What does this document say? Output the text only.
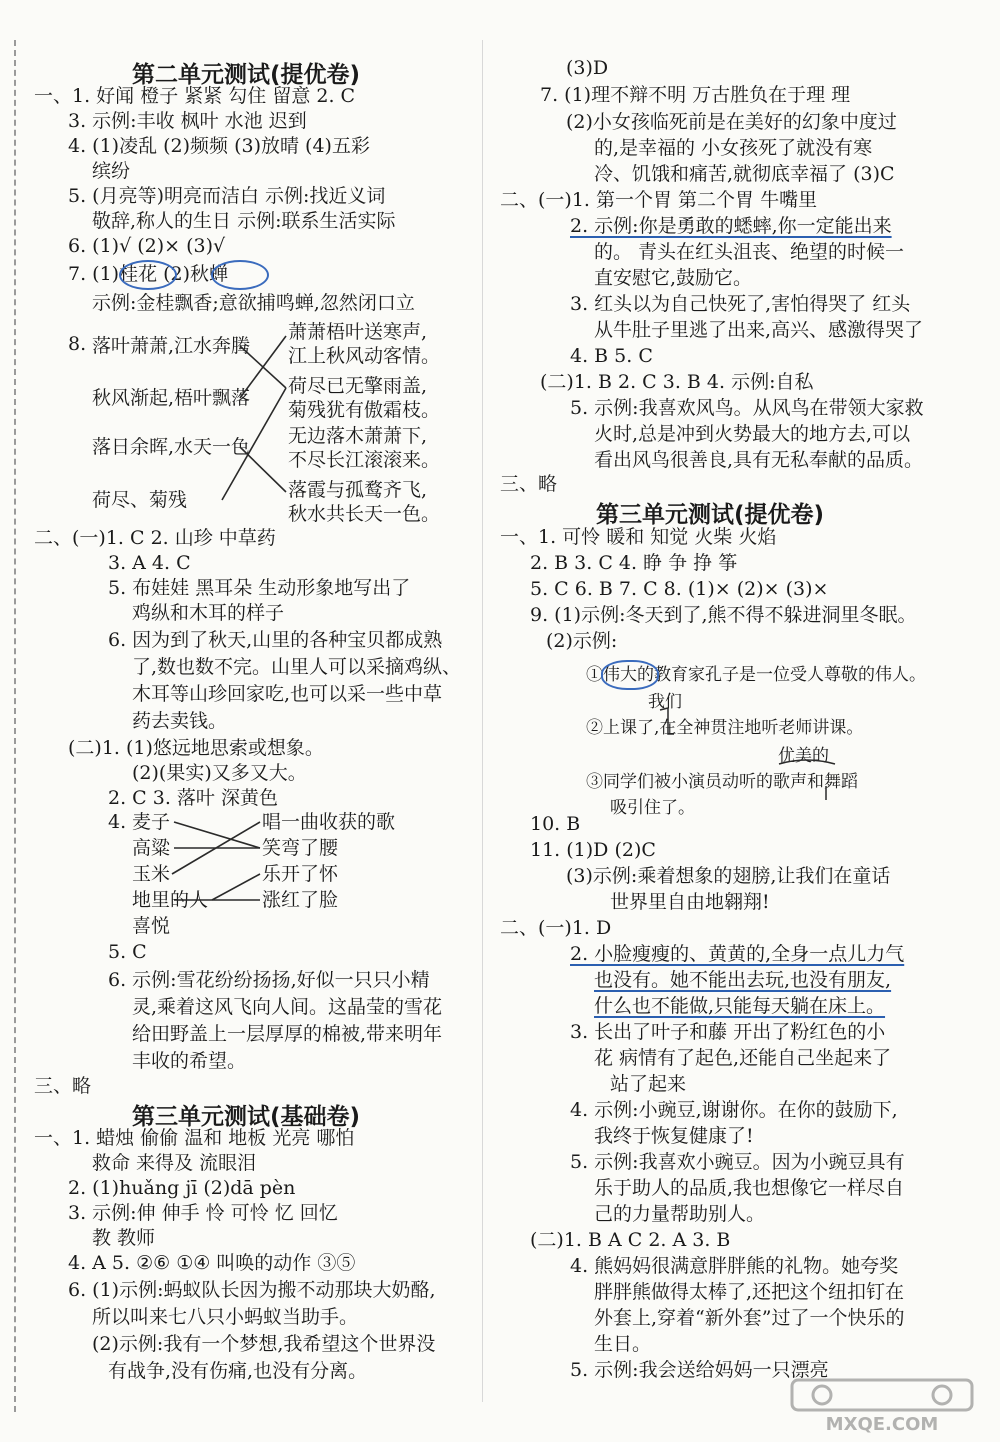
第二单元测试(提优卷)
一、1. 好闻 橙子 紧紧 勾住 留意 2. C
3. 示例:丰收 枫叶 水池 迟到
4. (1)凌乱 (2)频频 (3)放晴 (4)五彩
缤纷
5. (月亮等)明亮而洁白 示例:找近义词
敬辞,称人的生日 示例:联系生活实际
6. (1)√ (2)× (3)√
7. (1)桂花 (2)秋蝉
示例:金桂飘香;意欲捕鸣蝉,忽然闭口立
8. 落叶萧萧,江水奔腾
秋风渐起,梧叶飘落
落日余晖,水天一色
荷尽、菊残
萧萧梧叶送寒声,
江上秋风动客情。
荷尽已无擎雨盖,
菊残犹有傲霜枝。
无边落木萧萧下,
不尽长江滚滚来。
落霞与孤鹜齐飞,
秋水共长天一色。
二、(一)1. C 2. 山珍 中草药
3. A 4. C
5. 布娃娃 黑耳朵 生动形象地写出了
鸡纵和木耳的样子
6. 因为到了秋天,山里的各种宝贝都成熟
了,数也数不完。山里人可以采摘鸡纵、
木耳等山珍回家吃,也可以采一些中草
药去卖钱。
(二)1. (1)悠远地思索或想象。
(2)(果实)又多又大。
2. C 3. 落叶 深黄色
4. 麦子
高粱
玉米
地里的人
喜悦
唱一曲收获的歌
笑弯了腰
乐开了怀
涨红了脸
5. C
6. 示例:雪花纷纷扬扬,好似一只只小精
灵,乘着这风飞向人间。这晶莹的雪花
给田野盖上一层厚厚的棉被,带来明年
丰收的希望。
三、略
第三单元测试(基础卷)
一、1. 蜡烛 偷偷 温和 地板 光亮 哪怕
救命 来得及 流眼泪
2. (1)huǎng jī (2)dā pèn
3. 示例:伸 伸手 怜 可怜 忆 回忆
教 教师
4. A 5. ②⑥ ①④ 叫唤的动作 ③⑤
6. (1)示例:蚂蚁队长因为搬不动那块大奶酪,
所以叫来七八只小蚂蚁当助手。
(2)示例:我有一个梦想,我希望这个世界没
有战争,没有伤痛,也没有分离。
(3)D
7. (1)理不辩不明 万古胜负在于理 理
(2)小女孩临死前是在美好的幻象中度过
的,是幸福的 小女孩死了就没有寒
冷、饥饿和痛苦,就彻底幸福了 (3)C
二、(一)1. 第一个胃 第二个胃 牛嘴里
2. 示例:你是勇敢的蟋蟀,你一定能出来
的。 青头在红头沮丧、绝望的时候一
直安慰它,鼓励它。
3. 红头以为自己快死了,害怕得哭了 红头
从牛肚子里逃了出来,高兴、感激得哭了
4. B 5. C
(二)1. B 2. C 3. B 4. 示例:自私
5. 示例:我喜欢风鸟。从风鸟在带领大家救
火时,总是冲到火势最大的地方去,可以
看出风鸟很善良,具有无私奉献的品质。
三、略
第三单元测试(提优卷)
一、1. 可怜 暖和 知觉 火柴 火焰
2. B 3. C 4. 睁 争 挣 筝
5. C 6. B 7. C 8. (1)× (2)× (3)×
9. (1)示例:冬天到了,熊不得不躲进洞里冬眠。
(2)示例:
①伟大的教育家孔子是一位受人尊敬的伟人。
我们
②上课了,在全神贯注地听老师讲课。
优美的
③同学们被小演员动听的歌声和舞蹈
吸引住了。
10. B
11. (1)D (2)C
(3)示例:乘着想象的翅膀,让我们在童话
世界里自由地翱翔!
二、(一)1. D
2. 小脸瘦瘦的、黄黄的,全身一点儿力气
也没有。她不能出去玩,也没有朋友,
什么也不能做,只能每天躺在床上。
3. 长出了叶子和藤 开出了粉红色的小
花 病情有了起色,还能自己坐起来了
站了起来
4. 示例:小豌豆,谢谢你。在你的鼓励下,
我终于恢复健康了!
5. 示例:我喜欢小豌豆。因为小豌豆具有
乐于助人的品质,我也想像它一样尽自
己的力量帮助别人。
(二)1. B A C 2. A 3. B
4. 熊妈妈很满意胖胖熊的礼物。她夸奖
胖胖熊做得太棒了,还把这个纽扣钉在
外套上,穿着“新外套”过了一个快乐的
生日。
5. 示例:我会送给妈妈一只漂亮
MXQE.COM
